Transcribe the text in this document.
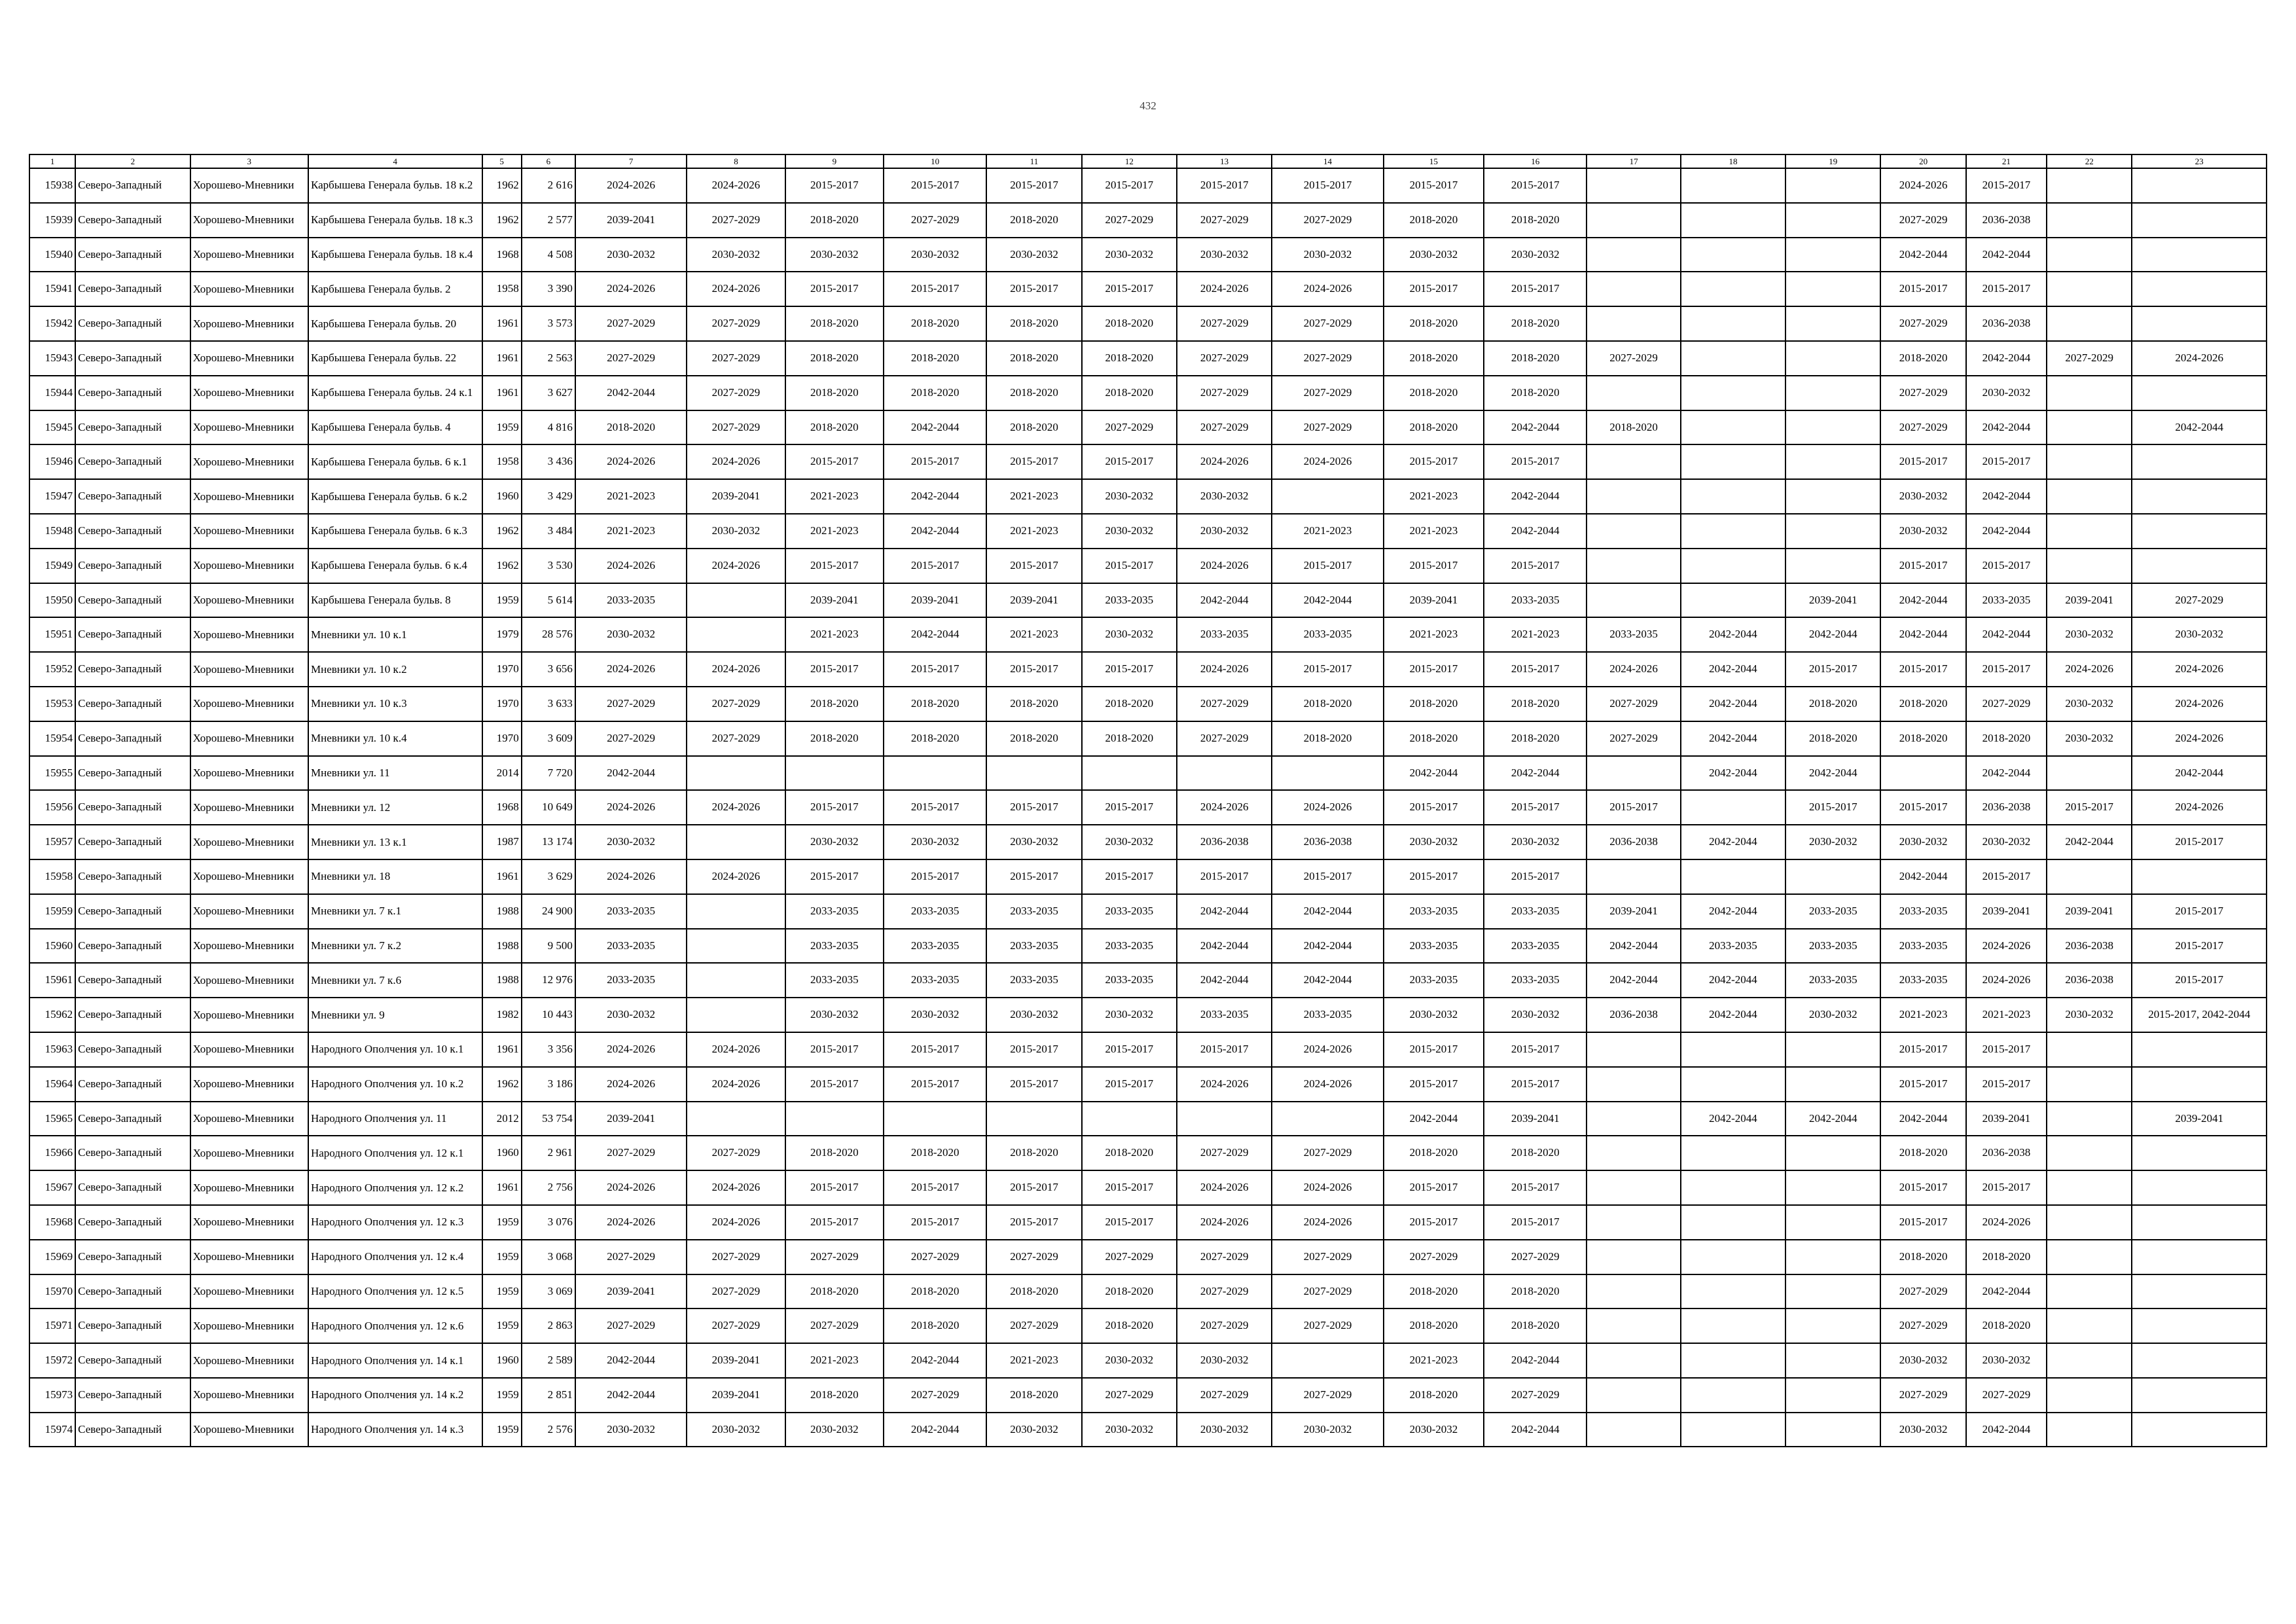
432
1	2	3	4	5	6	7	8	9	10	11	12	13	14	15	16	17	18	19	20	21	22	23
15938	Северо-Западный	Хорошево-Мневники	Карбышева Генерала бульв. 18 к.2	1962	2 616	2024-2026	2024-2026	2015-2017	2015-2017	2015-2017	2015-2017	2015-2017	2015-2017	2015-2017	2015-2017				2024-2026	2015-2017		
15939	Северо-Западный	Хорошево-Мневники	Карбышева Генерала бульв. 18 к.3	1962	2 577	2039-2041	2027-2029	2018-2020	2027-2029	2018-2020	2027-2029	2027-2029	2027-2029	2018-2020	2018-2020				2027-2029	2036-2038		
15940	Северо-Западный	Хорошево-Мневники	Карбышева Генерала бульв. 18 к.4	1968	4 508	2030-2032	2030-2032	2030-2032	2030-2032	2030-2032	2030-2032	2030-2032	2030-2032	2030-2032	2030-2032				2042-2044	2042-2044		
15941	Северо-Западный	Хорошево-Мневники	Карбышева Генерала бульв. 2	1958	3 390	2024-2026	2024-2026	2015-2017	2015-2017	2015-2017	2015-2017	2024-2026	2024-2026	2015-2017	2015-2017				2015-2017	2015-2017		
15942	Северо-Западный	Хорошево-Мневники	Карбышева Генерала бульв. 20	1961	3 573	2027-2029	2027-2029	2018-2020	2018-2020	2018-2020	2018-2020	2027-2029	2027-2029	2018-2020	2018-2020				2027-2029	2036-2038		
15943	Северо-Западный	Хорошево-Мневники	Карбышева Генерала бульв. 22	1961	2 563	2027-2029	2027-2029	2018-2020	2018-2020	2018-2020	2018-2020	2027-2029	2027-2029	2018-2020	2018-2020	2027-2029			2018-2020	2042-2044	2027-2029	2024-2026
15944	Северо-Западный	Хорошево-Мневники	Карбышева Генерала бульв. 24 к.1	1961	3 627	2042-2044	2027-2029	2018-2020	2018-2020	2018-2020	2018-2020	2027-2029	2027-2029	2018-2020	2018-2020				2027-2029	2030-2032		
15945	Северо-Западный	Хорошево-Мневники	Карбышева Генерала бульв. 4	1959	4 816	2018-2020	2027-2029	2018-2020	2042-2044	2018-2020	2027-2029	2027-2029	2027-2029	2018-2020	2042-2044	2018-2020			2027-2029	2042-2044		2042-2044
15946	Северо-Западный	Хорошево-Мневники	Карбышева Генерала бульв. 6 к.1	1958	3 436	2024-2026	2024-2026	2015-2017	2015-2017	2015-2017	2015-2017	2024-2026	2024-2026	2015-2017	2015-2017				2015-2017	2015-2017		
15947	Северо-Западный	Хорошево-Мневники	Карбышева Генерала бульв. 6 к.2	1960	3 429	2021-2023	2039-2041	2021-2023	2042-2044	2021-2023	2030-2032	2030-2032		2021-2023	2042-2044				2030-2032	2042-2044		
15948	Северо-Западный	Хорошево-Мневники	Карбышева Генерала бульв. 6 к.3	1962	3 484	2021-2023	2030-2032	2021-2023	2042-2044	2021-2023	2030-2032	2030-2032	2021-2023	2021-2023	2042-2044				2030-2032	2042-2044		
15949	Северо-Западный	Хорошево-Мневники	Карбышева Генерала бульв. 6 к.4	1962	3 530	2024-2026	2024-2026	2015-2017	2015-2017	2015-2017	2015-2017	2024-2026	2015-2017	2015-2017	2015-2017				2015-2017	2015-2017		
15950	Северо-Западный	Хорошево-Мневники	Карбышева Генерала бульв. 8	1959	5 614	2033-2035		2039-2041	2039-2041	2039-2041	2033-2035	2042-2044	2042-2044	2039-2041	2033-2035			2039-2041	2042-2044	2033-2035	2039-2041	2027-2029
15951	Северо-Западный	Хорошево-Мневники	Мневники ул. 10 к.1	1979	28 576	2030-2032		2021-2023	2042-2044	2021-2023	2030-2032	2033-2035	2033-2035	2021-2023	2021-2023	2033-2035	2042-2044	2042-2044	2042-2044	2042-2044	2030-2032	2030-2032
15952	Северо-Западный	Хорошево-Мневники	Мневники ул. 10 к.2	1970	3 656	2024-2026	2024-2026	2015-2017	2015-2017	2015-2017	2015-2017	2024-2026	2015-2017	2015-2017	2015-2017	2024-2026	2042-2044	2015-2017	2015-2017	2015-2017	2024-2026	2024-2026
15953	Северо-Западный	Хорошево-Мневники	Мневники ул. 10 к.3	1970	3 633	2027-2029	2027-2029	2018-2020	2018-2020	2018-2020	2018-2020	2027-2029	2018-2020	2018-2020	2018-2020	2027-2029	2042-2044	2018-2020	2018-2020	2027-2029	2030-2032	2024-2026
15954	Северо-Западный	Хорошево-Мневники	Мневники ул. 10 к.4	1970	3 609	2027-2029	2027-2029	2018-2020	2018-2020	2018-2020	2018-2020	2027-2029	2018-2020	2018-2020	2018-2020	2027-2029	2042-2044	2018-2020	2018-2020	2018-2020	2030-2032	2024-2026
15955	Северо-Западный	Хорошево-Мневники	Мневники ул. 11	2014	7 720	2042-2044								2042-2044	2042-2044		2042-2044	2042-2044		2042-2044		2042-2044
15956	Северо-Западный	Хорошево-Мневники	Мневники ул. 12	1968	10 649	2024-2026	2024-2026	2015-2017	2015-2017	2015-2017	2015-2017	2024-2026	2024-2026	2015-2017	2015-2017	2015-2017		2015-2017	2015-2017	2036-2038	2015-2017	2024-2026
15957	Северо-Западный	Хорошево-Мневники	Мневники ул. 13 к.1	1987	13 174	2030-2032		2030-2032	2030-2032	2030-2032	2030-2032	2036-2038	2036-2038	2030-2032	2030-2032	2036-2038	2042-2044	2030-2032	2030-2032	2030-2032	2042-2044	2015-2017
15958	Северо-Западный	Хорошево-Мневники	Мневники ул. 18	1961	3 629	2024-2026	2024-2026	2015-2017	2015-2017	2015-2017	2015-2017	2015-2017	2015-2017	2015-2017	2015-2017				2042-2044	2015-2017		
15959	Северо-Западный	Хорошево-Мневники	Мневники ул. 7 к.1	1988	24 900	2033-2035		2033-2035	2033-2035	2033-2035	2033-2035	2042-2044	2042-2044	2033-2035	2033-2035	2039-2041	2042-2044	2033-2035	2033-2035	2039-2041	2039-2041	2015-2017
15960	Северо-Западный	Хорошево-Мневники	Мневники ул. 7 к.2	1988	9 500	2033-2035		2033-2035	2033-2035	2033-2035	2033-2035	2042-2044	2042-2044	2033-2035	2033-2035	2042-2044	2033-2035	2033-2035	2033-2035	2024-2026	2036-2038	2015-2017
15961	Северо-Западный	Хорошево-Мневники	Мневники ул. 7 к.6	1988	12 976	2033-2035		2033-2035	2033-2035	2033-2035	2033-2035	2042-2044	2042-2044	2033-2035	2033-2035	2042-2044	2042-2044	2033-2035	2033-2035	2024-2026	2036-2038	2015-2017
15962	Северо-Западный	Хорошево-Мневники	Мневники ул. 9	1982	10 443	2030-2032		2030-2032	2030-2032	2030-2032	2030-2032	2033-2035	2033-2035	2030-2032	2030-2032	2036-2038	2042-2044	2030-2032	2021-2023	2021-2023	2030-2032	2015-2017, 2042-2044
15963	Северо-Западный	Хорошево-Мневники	Народного Ополчения ул. 10 к.1	1961	3 356	2024-2026	2024-2026	2015-2017	2015-2017	2015-2017	2015-2017	2015-2017	2024-2026	2015-2017	2015-2017				2015-2017	2015-2017		
15964	Северо-Западный	Хорошево-Мневники	Народного Ополчения ул. 10 к.2	1962	3 186	2024-2026	2024-2026	2015-2017	2015-2017	2015-2017	2015-2017	2024-2026	2024-2026	2015-2017	2015-2017				2015-2017	2015-2017		
15965	Северо-Западный	Хорошево-Мневники	Народного Ополчения ул. 11	2012	53 754	2039-2041								2042-2044	2039-2041		2042-2044	2042-2044	2042-2044	2039-2041		2039-2041
15966	Северо-Западный	Хорошево-Мневники	Народного Ополчения ул. 12 к.1	1960	2 961	2027-2029	2027-2029	2018-2020	2018-2020	2018-2020	2018-2020	2027-2029	2027-2029	2018-2020	2018-2020				2018-2020	2036-2038		
15967	Северо-Западный	Хорошево-Мневники	Народного Ополчения ул. 12 к.2	1961	2 756	2024-2026	2024-2026	2015-2017	2015-2017	2015-2017	2015-2017	2024-2026	2024-2026	2015-2017	2015-2017				2015-2017	2015-2017		
15968	Северо-Западный	Хорошево-Мневники	Народного Ополчения ул. 12 к.3	1959	3 076	2024-2026	2024-2026	2015-2017	2015-2017	2015-2017	2015-2017	2024-2026	2024-2026	2015-2017	2015-2017				2015-2017	2024-2026		
15969	Северо-Западный	Хорошево-Мневники	Народного Ополчения ул. 12 к.4	1959	3 068	2027-2029	2027-2029	2027-2029	2027-2029	2027-2029	2027-2029	2027-2029	2027-2029	2027-2029	2027-2029				2018-2020	2018-2020		
15970	Северо-Западный	Хорошево-Мневники	Народного Ополчения ул. 12 к.5	1959	3 069	2039-2041	2027-2029	2018-2020	2018-2020	2018-2020	2018-2020	2027-2029	2027-2029	2018-2020	2018-2020				2027-2029	2042-2044		
15971	Северо-Западный	Хорошево-Мневники	Народного Ополчения ул. 12 к.6	1959	2 863	2027-2029	2027-2029	2027-2029	2018-2020	2027-2029	2018-2020	2027-2029	2027-2029	2018-2020	2018-2020				2027-2029	2018-2020		
15972	Северо-Западный	Хорошево-Мневники	Народного Ополчения ул. 14 к.1	1960	2 589	2042-2044	2039-2041	2021-2023	2042-2044	2021-2023	2030-2032	2030-2032		2021-2023	2042-2044				2030-2032	2030-2032		
15973	Северо-Западный	Хорошево-Мневники	Народного Ополчения ул. 14 к.2	1959	2 851	2042-2044	2039-2041	2018-2020	2027-2029	2018-2020	2027-2029	2027-2029	2027-2029	2018-2020	2027-2029				2027-2029	2027-2029		
15974	Северо-Западный	Хорошево-Мневники	Народного Ополчения ул. 14 к.3	1959	2 576	2030-2032	2030-2032	2030-2032	2042-2044	2030-2032	2030-2032	2030-2032	2030-2032	2030-2032	2042-2044				2030-2032	2042-2044		
